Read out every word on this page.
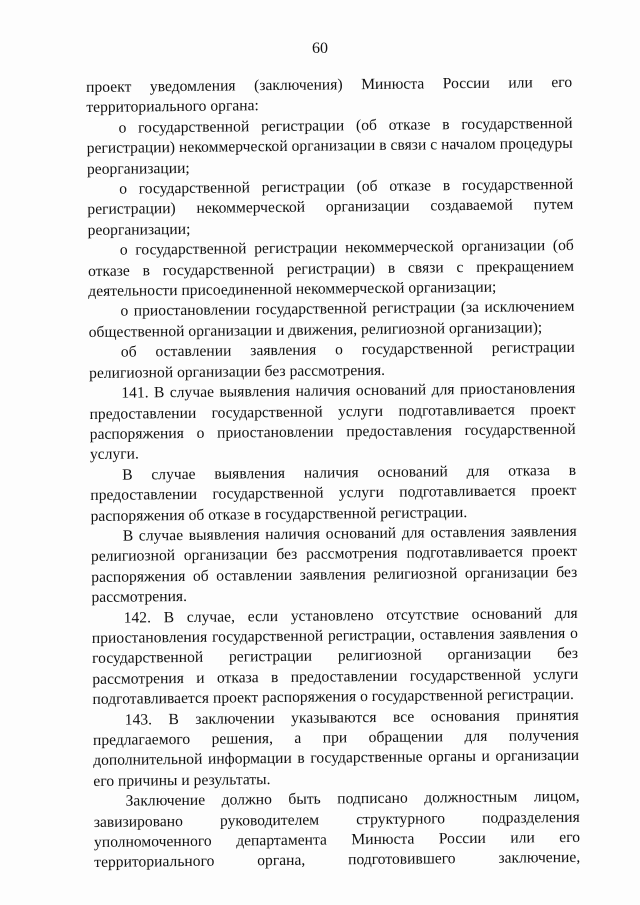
60

проект уведомления (заключения) Минюста России или его территориального органа:

о государственной регистрации (об отказе в государственной регистрации) некоммерческой организации в связи с началом процедуры реорганизации;

о государственной регистрации (об отказе в государственной регистрации) некоммерческой организации создаваемой путем реорганизации;

о государственной регистрации некоммерческой организации (об отказе в государственной регистрации) в связи с прекращением деятельности присоединенной некоммерческой организации;

о приостановлении государственной регистрации (за исключением общественной организации и движения, религиозной организации);

об оставлении заявления о государственной регистрации религиозной организации без рассмотрения.

141. В случае выявления наличия оснований для приостановления предоставлении государственной услуги подготавливается проект распоряжения о приостановлении предоставления государственной услуги.

В случае выявления наличия оснований для отказа в предоставлении государственной услуги подготавливается проект распоряжения об отказе в государственной регистрации.

В случае выявления наличия оснований для оставления заявления религиозной организации без рассмотрения подготавливается проект распоряжения об оставлении заявления религиозной организации без рассмотрения.

142. В случае, если установлено отсутствие оснований для приостановления государственной регистрации, оставления заявления о государственной регистрации религиозной организации без рассмотрения и отказа в предоставлении государственной услуги подготавливается проект распоряжения о государственной регистрации.

143. В заключении указываются все основания принятия предлагаемого решения, а при обращении для получения дополнительной информации в государственные органы и организации его причины и результаты.

Заключение должно быть подписано должностным лицом, завизировано руководителем структурного подразделения уполномоченного департамента Минюста России или его территориального органа, подготовившего заключение,
